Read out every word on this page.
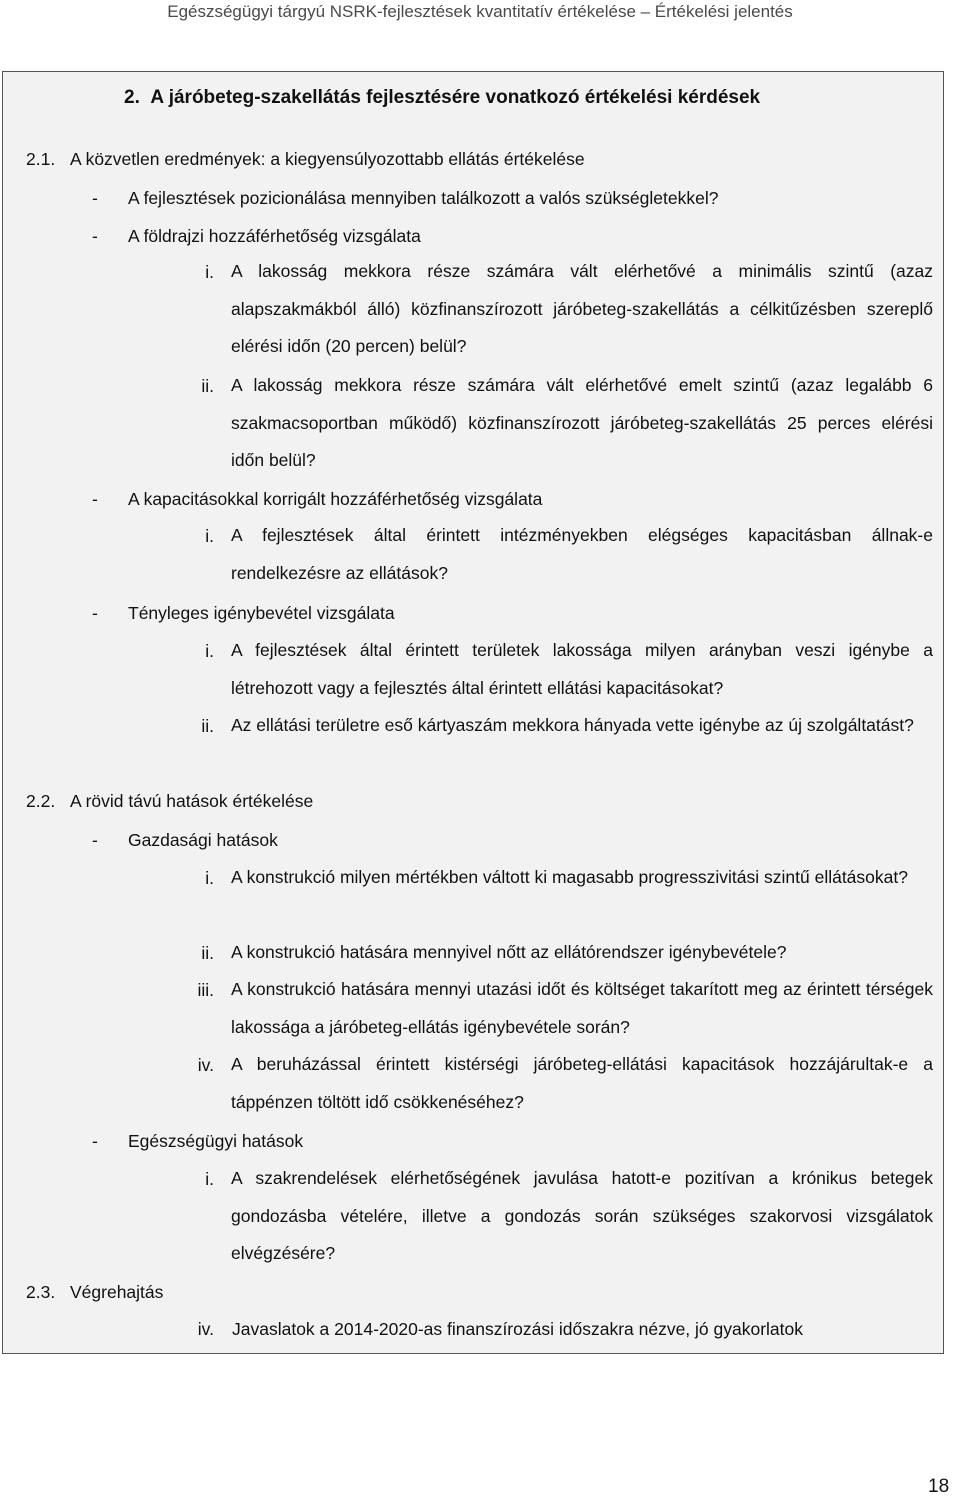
Egészségügyi tárgyú NSRK-fejlesztések kvantitatív értékelése – Értékelési jelentés
2.  A járóbeteg-szakellátás fejlesztésére vonatkozó értékelési kérdések
2.1. A közvetlen eredmények: a kiegyensúlyozottabb ellátás értékelése
- A fejlesztések pozicionálása mennyiben találkozott a valós szükségletekkel?
- A földrajzi hozzáférhetőség vizsgálata
i. A lakosság mekkora része számára vált elérhetővé a minimális szintű (azaz alapszakmákból álló) közfinanszírozott járóbeteg-szakellátás a célkitűzésben szereplő elérési időn (20 percen) belül?
ii. A lakosság mekkora része számára vált elérhetővé emelt szintű (azaz legalább 6 szakmacsoportban működő) közfinanszírozott járóbeteg-szakellátás 25 perces elérési időn belül?
- A kapacitásokkal korrigált hozzáférhetőség vizsgálata
i. A fejlesztések által érintett intézményekben elégséges kapacitásban állnak-e rendelkezésre az ellátások?
- Tényleges igénybevétel vizsgálata
i. A fejlesztések által érintett területek lakossága milyen arányban veszi igénybe a létrehozott vagy a fejlesztés által érintett ellátási kapacitásokat?
ii. Az ellátási területre eső kártyaszám mekkora hányada vette igénybe az új szolgáltatást?
2.2. A rövid távú hatások értékelése
- Gazdasági hatások
i. A konstrukció milyen mértékben váltott ki magasabb progresszivitási szintű ellátásokat?
ii. A konstrukció hatására mennyivel nőtt az ellátórendszer igénybevétele?
iii. A konstrukció hatására mennyi utazási időt és költséget takarított meg az érintett térségek lakossága a járóbeteg-ellátás igénybevétele során?
iv. A beruházással érintett kistérségi járóbeteg-ellátási kapacitások hozzájárultak-e a táppénzen töltött idő csökkenéséhez?
- Egészségügyi hatások
i. A szakrendelések elérhetőségének javulása hatott-e pozitívan a krónikus betegek gondozásba vételére, illetve a gondozás során szükséges szakorvosi vizsgálatok elvégzésére?
2.3. Végrehajtás
iv. Javaslatok a 2014-2020-as finanszírozási időszakra nézve, jó gyakorlatok
18
